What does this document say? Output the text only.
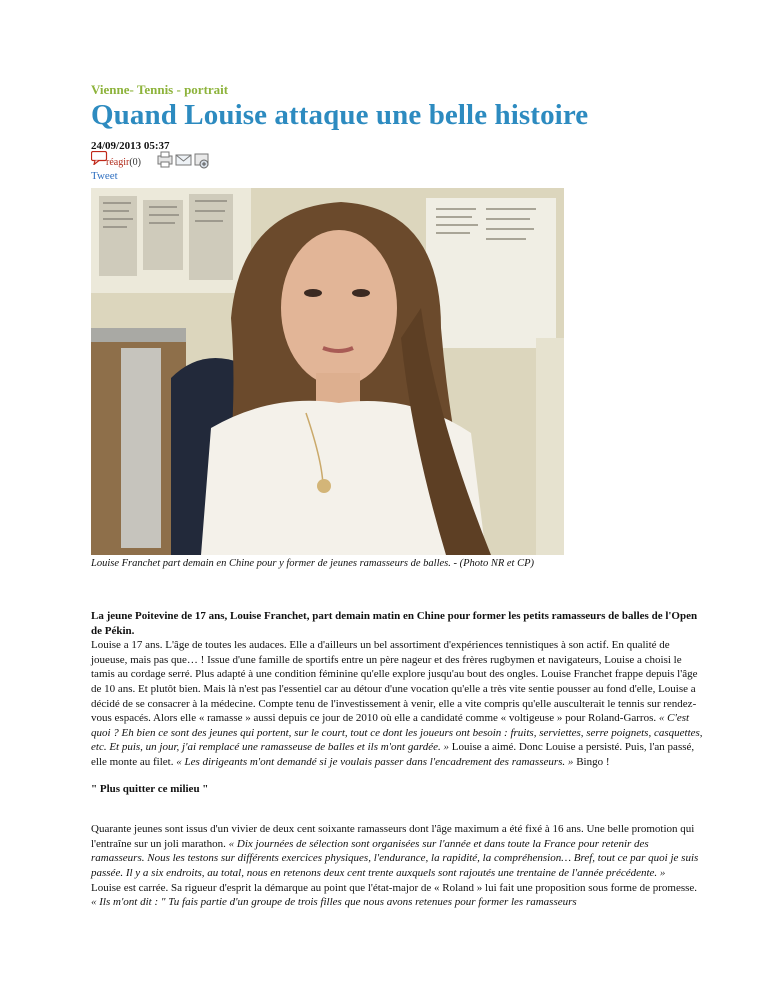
Vienne- Tennis - portrait
Quand Louise attaque une belle histoire
24/09/2013 05:37
réagir(0)
Tweet
Louise Franchet part demain en Chine pour y former de jeunes ramasseurs de balles. - (Photo NR et CP)

La jeune Poitevine de 17 ans, Louise Franchet, part demain matin en Chine pour former les petits ramasseurs de balles de l'Open de Pékin.

Louise a 17 ans. L'âge de toutes les audaces. Elle a d'ailleurs un bel assortiment d'expériences tennistiques à son actif. En qualité de joueuse, mais pas que… ! Issue d'une famille de sportifs entre un père nageur et des frères rugbymen et navigateurs, Louise a choisi le tamis au cordage serré. Plus adapté à une condition féminine qu'elle explore jusqu'au bout des ongles. Louise Franchet frappe depuis l'âge de 10 ans. Et plutôt bien. Mais là n'est pas l'essentiel car au détour d'une vocation qu'elle a très vite sentie pousser au fond d'elle, Louise a décidé de se consacrer à la médecine. Compte tenu de l'investissement à venir, elle a vite compris qu'elle ausculterait le tennis sur rendez-vous espacés. Alors elle « ramasse » aussi depuis ce jour de 2010 où elle a candidaté comme « voltigeuse » pour Roland-Garros. « C'est quoi ? Eh bien ce sont des jeunes qui portent, sur le court, tout ce dont les joueurs ont besoin : fruits, serviettes, serre poignets, casquettes, etc. Et puis, un jour, j'ai remplacé une ramasseuse de balles et ils m'ont gardée. » Louise a aimé. Donc Louise a persisté. Puis, l'an passé, elle monte au filet. « Les dirigeants m'ont demandé si je voulais passer dans l'encadrement des ramasseurs. » Bingo !

" Plus quitter ce milieu "

Quarante jeunes sont issus d'un vivier de deux cent soixante ramasseurs dont l'âge maximum a été fixé à 16 ans. Une belle promotion qui l'entraîne sur un joli marathon. « Dix journées de sélection sont organisées sur l'année et dans toute la France pour retenir des ramasseurs. Nous les testons sur différents exercices physiques, l'endurance, la rapidité, la compréhension… Bref, tout ce par quoi je suis passée. Il y a six endroits, au total, nous en retenons deux cent trente auxquels sont rajoutés une trentaine de l'année précédente. »

Louise est carrée. Sa rigueur d'esprit la démarque au point que l'état-major de « Roland » lui fait une proposition sous forme de promesse. « Ils m'ont dit : " Tu fais partie d'un groupe de trois filles que nous avons retenues pour former les ramasseurs
